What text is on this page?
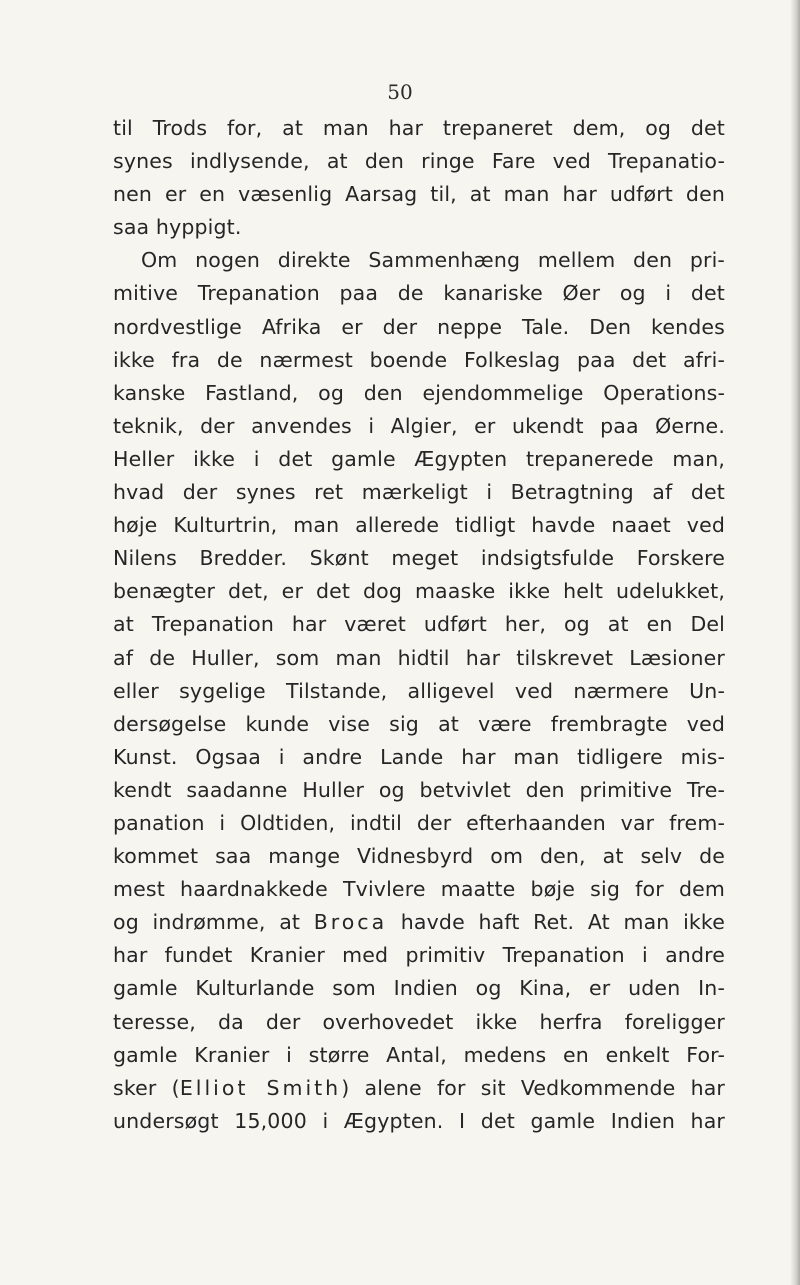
50
til Trods for, at man har trepaneret dem, og det
synes indlysende, at den ringe Fare ved Trepanatio-
nen er en væsenlig Aarsag til, at man har udført den
saa hyppigt.
Om nogen direkte Sammenhæng mellem den pri-
mitive Trepanation paa de kanariske Øer og i det
nordvestlige Afrika er der neppe Tale. Den kendes
ikke fra de nærmest boende Folkeslag paa det afri-
kanske Fastland, og den ejendommelige Operations-
teknik, der anvendes i Algier, er ukendt paa Øerne.
Heller ikke i det gamle Ægypten trepanerede man,
hvad der synes ret mærkeligt i Betragtning af det
høje Kulturtrin, man allerede tidligt havde naaet ved
Nilens Bredder. Skønt meget indsigtsfulde Forskere
benægter det, er det dog maaske ikke helt udelukket,
at Trepanation har været udført her, og at en Del
af de Huller, som man hidtil har tilskrevet Læsioner
eller sygelige Tilstande, alligevel ved nærmere Un-
dersøgelse kunde vise sig at være frembragte ved
Kunst. Ogsaa i andre Lande har man tidligere mis-
kendt saadanne Huller og betvivlet den primitive Tre-
panation i Oldtiden, indtil der efterhaanden var frem-
kommet saa mange Vidnesbyrd om den, at selv de
mest haardnakkede Tvivlere maatte bøje sig for dem
og indrømme, at Broca havde haft Ret. At man ikke
har fundet Kranier med primitiv Trepanation i andre
gamle Kulturlande som Indien og Kina, er uden In-
teresse, da der overhovedet ikke herfra foreligger
gamle Kranier i større Antal, medens en enkelt For-
sker (Elliot Smith) alene for sit Vedkommende har
undersøgt 15,000 i Ægypten. I det gamle Indien har
